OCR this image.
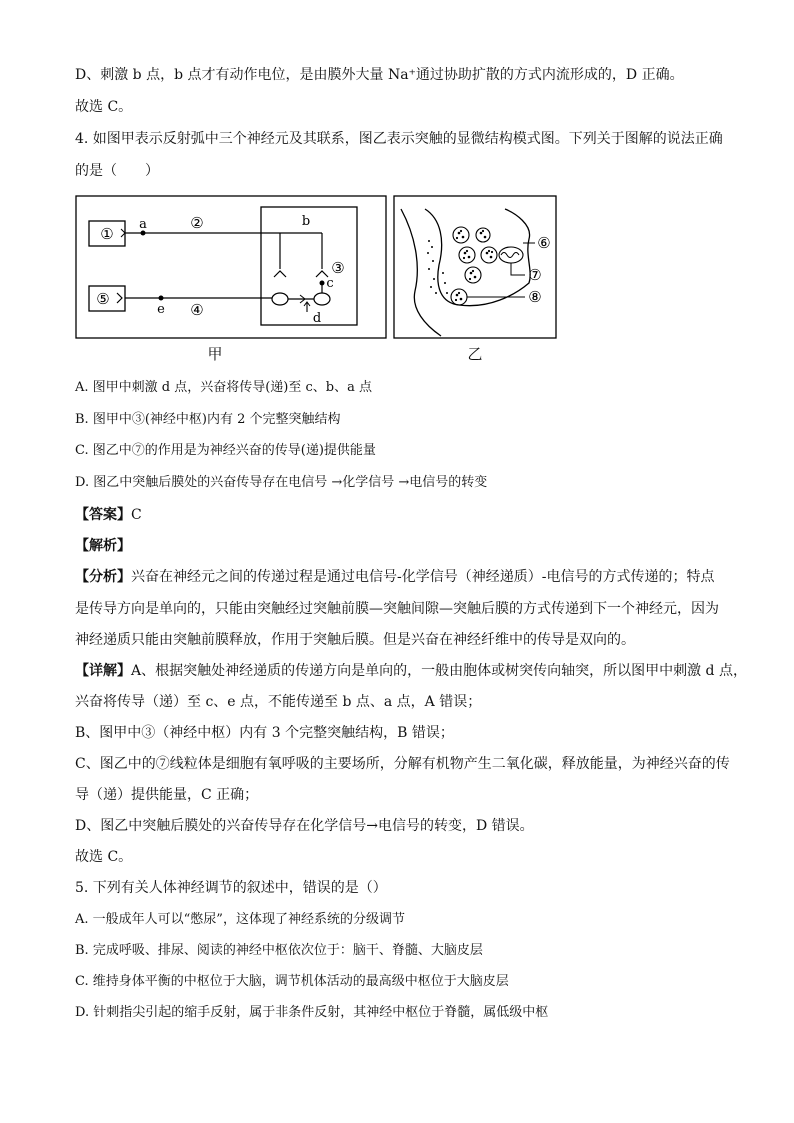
D、刺激 b 点，b 点才有动作电位，是由膜外大量 Na⁺通过协助扩散的方式内流形成的，D 正确。
故选 C。
4. 如图甲表示反射弧中三个神经元及其联系，图乙表示突触的显微结构模式图。下列关于图解的说法正确
的是（　　）
①
a	②	b
③
c
d
⑤
e ④
甲
⑥
⑦
⑧
乙
A. 图甲中刺激 d 点，兴奋将传导(递)至 c、b、a 点
B. 图甲中③(神经中枢)内有 2 个完整突触结构
C. 图乙中⑦的作用是为神经兴奋的传导(递)提供能量
D. 图乙中突触后膜处的兴奋传导存在电信号 →化学信号 →电信号的转变
【答案】C
【解析】
【分析】兴奋在神经元之间的传递过程是通过电信号-化学信号（神经递质）-电信号的方式传递的；特点
是传导方向是单向的，只能由突触经过突触前膜—突触间隙—突触后膜的方式传递到下一个神经元，因为
神经递质只能由突触前膜释放，作用于突触后膜。但是兴奋在神经纤维中的传导是双向的。
【详解】A、根据突触处神经递质的传递方向是单向的，一般由胞体或树突传向轴突，所以图甲中刺激 d 点，
兴奋将传导（递）至 c、e 点，不能传递至 b 点、a 点，A 错误；
B、图甲中③（神经中枢）内有 3 个完整突触结构，B 错误；
C、图乙中的⑦线粒体是细胞有氧呼吸的主要场所，分解有机物产生二氧化碳，释放能量，为神经兴奋的传
导（递）提供能量，C 正确；
D、图乙中突触后膜处的兴奋传导存在化学信号→电信号的转变，D 错误。
故选 C。
5. 下列有关人体神经调节的叙述中，错误的是（）
A. 一般成年人可以“憋尿”，这体现了神经系统的分级调节
B. 完成呼吸、排尿、阅读的神经中枢依次位于：脑干、脊髓、大脑皮层
C. 维持身体平衡的中枢位于大脑，调节机体活动的最高级中枢位于大脑皮层
D. 针刺指尖引起的缩手反射，属于非条件反射，其神经中枢位于脊髓，属低级中枢
